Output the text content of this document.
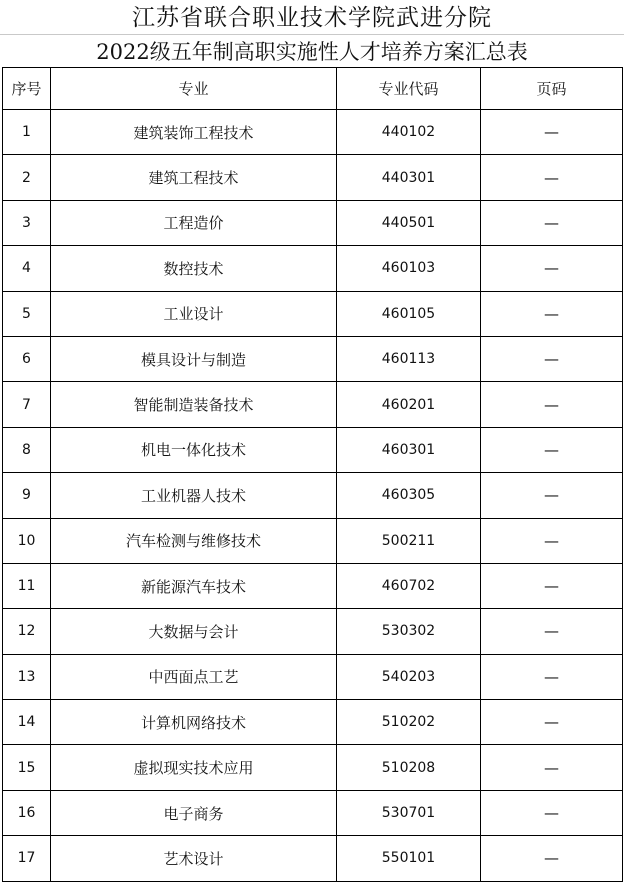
江苏省联合职业技术学院武进分院
2022级五年制高职实施性人才培养方案汇总表
序号	专业	专业代码	页码
1	建筑装饰工程技术	440102	—
2	建筑工程技术	440301	—
3	工程造价	440501	—
4	数控技术	460103	—
5	工业设计	460105	—
6	模具设计与制造	460113	—
7	智能制造装备技术	460201	—
8	机电一体化技术	460301	—
9	工业机器人技术	460305	—
10	汽车检测与维修技术	500211	—
11	新能源汽车技术	460702	—
12	大数据与会计	530302	—
13	中西面点工艺	540203	—
14	计算机网络技术	510202	—
15	虚拟现实技术应用	510208	—
16	电子商务	530701	—
17	艺术设计	550101	—
